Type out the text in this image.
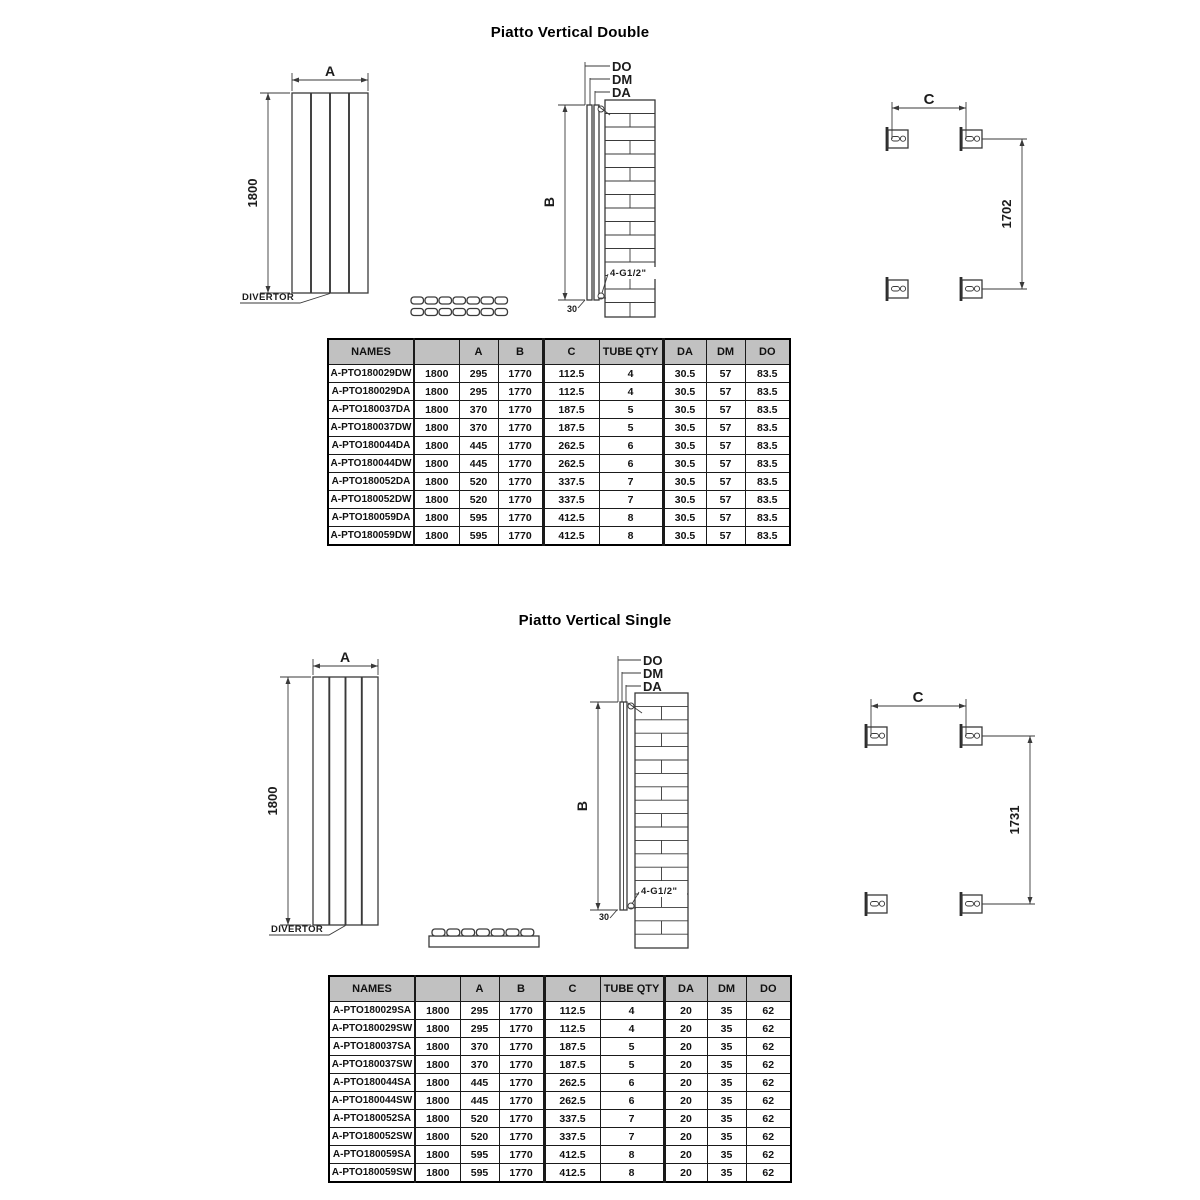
Piatto Vertical Double
A
1800
DIVERTOR
DO
DM
DA
B
30
4-G1/2"
C
1702
NAMES		A	B	C	TUBE QTY	DA	DM	DO
A-PTO180029DW	1800	295	1770	112.5	4	30.5	57	83.5
A-PTO180029DA	1800	295	1770	112.5	4	30.5	57	83.5
A-PTO180037DA	1800	370	1770	187.5	5	30.5	57	83.5
A-PTO180037DW	1800	370	1770	187.5	5	30.5	57	83.5
A-PTO180044DA	1800	445	1770	262.5	6	30.5	57	83.5
A-PTO180044DW	1800	445	1770	262.5	6	30.5	57	83.5
A-PTO180052DA	1800	520	1770	337.5	7	30.5	57	83.5
A-PTO180052DW	1800	520	1770	337.5	7	30.5	57	83.5
A-PTO180059DA	1800	595	1770	412.5	8	30.5	57	83.5
A-PTO180059DW	1800	595	1770	412.5	8	30.5	57	83.5
Piatto Vertical Single
A
1800
DIVERTOR
DO
DM
DA
B
30
4-G1/2"
C
1731
NAMES		A	B	C	TUBE QTY	DA	DM	DO
A-PTO180029SA	1800	295	1770	112.5	4	20	35	62
A-PTO180029SW	1800	295	1770	112.5	4	20	35	62
A-PTO180037SA	1800	370	1770	187.5	5	20	35	62
A-PTO180037SW	1800	370	1770	187.5	5	20	35	62
A-PTO180044SA	1800	445	1770	262.5	6	20	35	62
A-PTO180044SW	1800	445	1770	262.5	6	20	35	62
A-PTO180052SA	1800	520	1770	337.5	7	20	35	62
A-PTO180052SW	1800	520	1770	337.5	7	20	35	62
A-PTO180059SA	1800	595	1770	412.5	8	20	35	62
A-PTO180059SW	1800	595	1770	412.5	8	20	35	62
